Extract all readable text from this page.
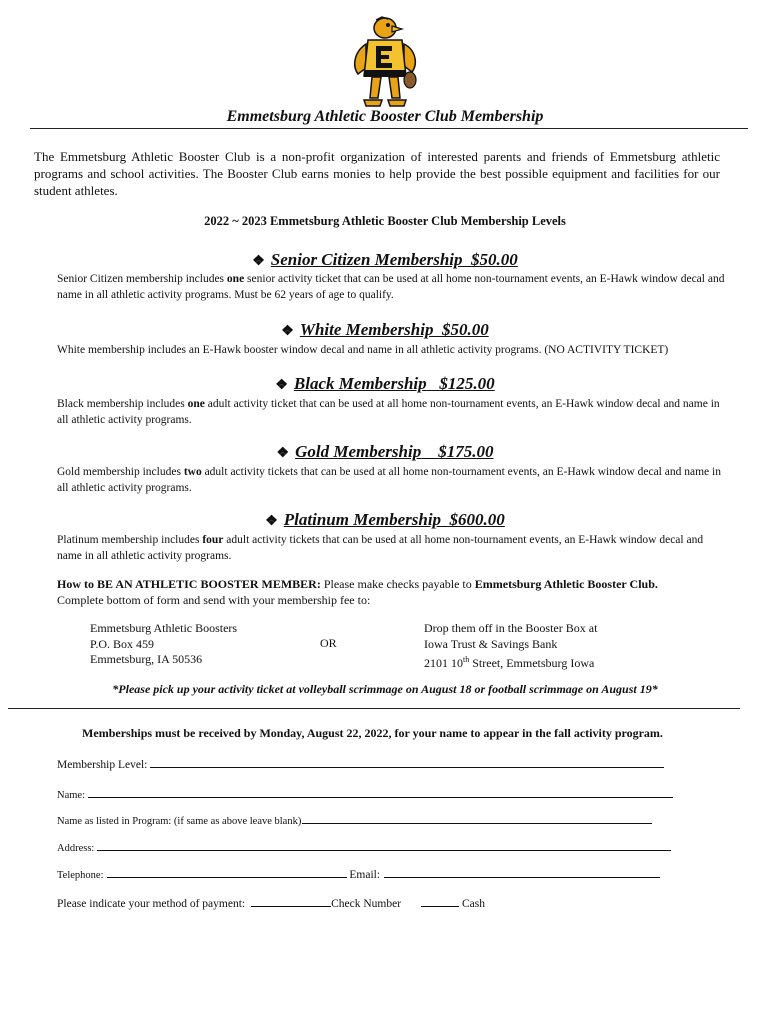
Emmetsburg Athletic Booster Club Membership
The Emmetsburg Athletic Booster Club is a non-profit organization of interested parents and friends of Emmetsburg athletic programs and school activities. The Booster Club earns monies to help provide the best possible equipment and facilities for our student athletes.
2022 ~ 2023 Emmetsburg Athletic Booster Club Membership Levels
❖ Senior Citizen Membership $50.00
Senior Citizen membership includes one senior activity ticket that can be used at all home non-tournament events, an E-Hawk window decal and name in all athletic activity programs. Must be 62 years of age to qualify.
❖ White Membership $50.00
White membership includes an E-Hawk booster window decal and name in all athletic activity programs. (NO ACTIVITY TICKET)
❖ Black Membership $125.00
Black membership includes one adult activity ticket that can be used at all home non-tournament events, an E-Hawk window decal and name in all athletic activity programs.
❖ Gold Membership $175.00
Gold membership includes two adult activity tickets that can be used at all home non-tournament events, an E-Hawk window decal and name in all athletic activity programs.
❖ Platinum Membership $600.00
Platinum membership includes four adult activity tickets that can be used at all home non-tournament events, an E-Hawk window decal and name in all athletic activity programs.
How to BE AN ATHLETIC BOOSTER MEMBER: Please make checks payable to Emmetsburg Athletic Booster Club.
Complete bottom of form and send with your membership fee to:
Emmetsburg Athletic Boosters
P.O. Box 459
Emmetsburg, IA 50536
OR
Drop them off in the Booster Box at
Iowa Trust & Savings Bank
2101 10th Street, Emmetsburg Iowa
*Please pick up your activity ticket at volleyball scrimmage on August 18 or football scrimmage on August 19*
Memberships must be received by Monday, August 22, 2022, for your name to appear in the fall activity program.
Membership Level:
Name:
Name as listed in Program: (if same as above leave blank)
Address:
Telephone:	Email:
Please indicate your method of payment:	Check Number	Cash
